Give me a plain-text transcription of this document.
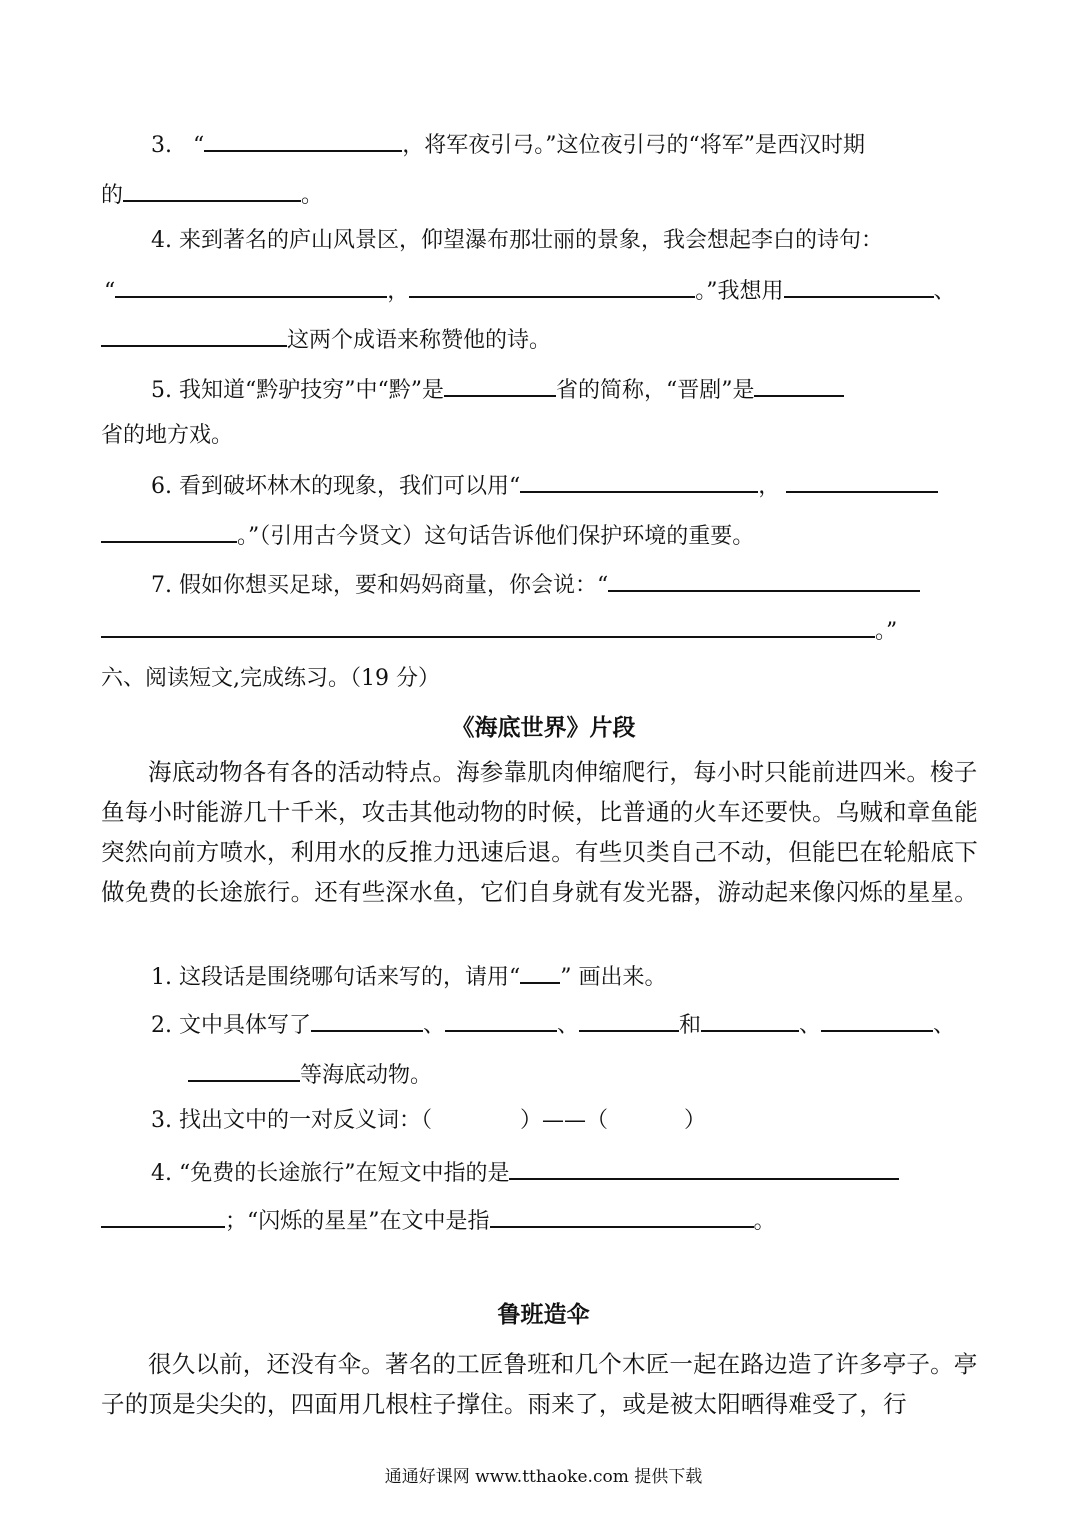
3. “	，将军夜引弓。”这位夜引弓的“将军”是西汉时期
的	。
4. 来到著名的庐山风景区，仰望瀑布那壮丽的景象，我会想起李白的诗句：
“	，	。”我想用	、
这两个成语来称赞他的诗。
5. 我知道“黔驴技穷”中“黔”是	省的简称，“晋剧”是
省的地方戏。
6. 看到破坏林木的现象，我们可以用“	，
。”（引用古今贤文）这句话告诉他们保护环境的重要。
7. 假如你想买足球，要和妈妈商量，你会说：“
。”
六、阅读短文,完成练习。（19 分）
《海底世界》片段

海底动物各有各的活动特点。海参靠肌肉伸缩爬行，每小时只能前进四米。梭子鱼每小时能游几十千米，攻击其他动物的时候，比普通的火车还要快。乌贼和章鱼能突然向前方喷水，利用水的反推力迅速后退。有些贝类自己不动，但能巴在轮船底下做免费的长途旅行。还有些深水鱼，它们自身就有发光器，游动起来像闪烁的星星。

1. 这段话是围绕哪句话来写的，请用“ ” 画出来。
2. 文中具体写了	、	、	和	、	、
等海底动物。
3. 找出文中的一对反义词：（	）——（	）
4. “免费的长途旅行”在短文中指的是
；“闪烁的星星”在文中是指	。
鲁班造伞

很久以前，还没有伞。著名的工匠鲁班和几个木匠一起在路边造了许多亭子。亭子的顶是尖尖的，四面用几根柱子撑住。雨来了，或是被太阳晒得难受了，行

通通好课网 www.tthaoke.com 提供下载
